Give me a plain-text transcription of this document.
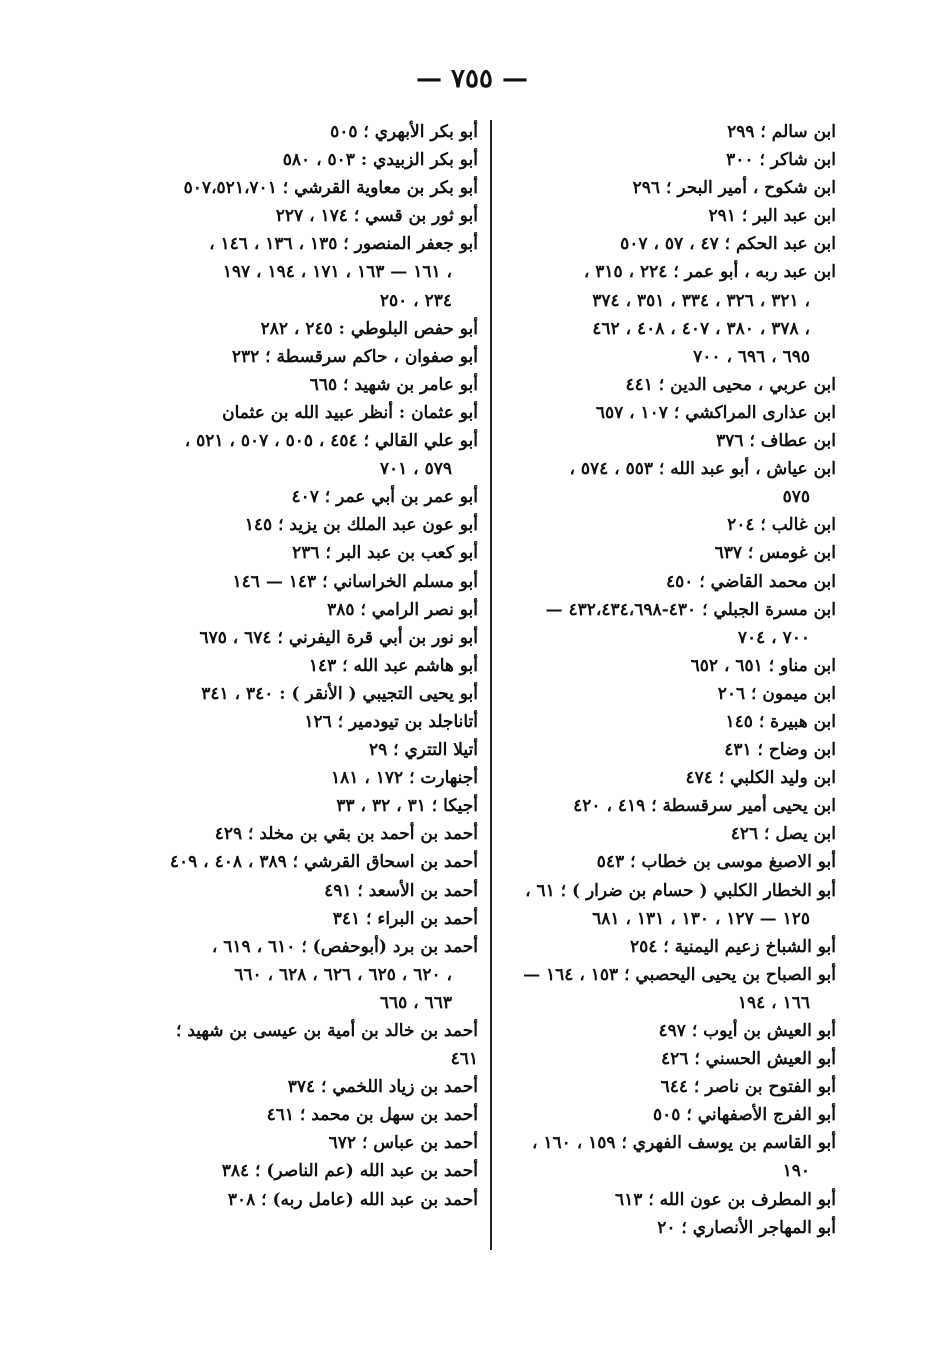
— ٧٥٥ —
ابن سالم ؛ ٢٩٩
ابن شاكر ؛ ٣٠٠
ابن شكوح ، أمير البحر ؛ ٢٩٦
ابن عبد البر ؛ ٢٩١
ابن عبد الحكم ؛ ٤٧ ، ٥٧ ، ٥٠٧
ابن عبد ربه ، أبو عمر ؛ ٢٢٤ ، ٣١٥ ،
٣٢١ ، ٣٢٦ ، ٣٣٤ ، ٣٥١ ، ٣٧٤ ،
٣٧٨ ، ٣٨٠ ، ٤٠٧ ، ٤٠٨ ، ٤٦٢ ،
٦٩٥ ، ٦٩٦ ، ٧٠٠
ابن عربي ، محيى الدين ؛ ٤٤١
ابن عذارى المراكشي ؛ ١٠٧ ، ٦٥٧
ابن عطاف ؛ ٣٧٦
ابن عياش ، أبو عبد الله ؛ ٥٥٣ ، ٥٧٤ ،
٥٧٥
ابن غالب ؛ ٢٠٤
ابن غومس ؛ ٦٣٧
ابن محمد القاضي ؛ ٤٥٠
ابن مسرة الجبلي ؛ ٤٣٠-٤٣٢،٤٣٤،٦٩٨ —
٧٠٠ ، ٧٠٤
ابن مناو ؛ ٦٥١ ، ٦٥٢
ابن ميمون ؛ ٢٠٦
ابن هبيرة ؛ ١٤٥
ابن وضاح ؛ ٤٣١
ابن وليد الكلبي ؛ ٤٧٤
ابن يحيى أمير سرقسطة ؛ ٤١٩ ، ٤٢٠
ابن يصل ؛ ٤٢٦
أبو الاصبغ موسى بن خطاب ؛ ٥٤٣
أبو الخطار الكلبي ( حسام بن ضرار ) ؛ ٦١ ،
١٢٥ — ١٢٧ ، ١٣٠ ، ١٣١ ، ٦٨١
أبو الشباخ زعيم اليمنية ؛ ٢٥٤
أبو الصباح بن يحيى اليحصبي ؛ ١٥٣ ، ١٦٤ —
١٦٦ ، ١٩٤
أبو العيش بن أيوب ؛ ٤٩٧
أبو العيش الحسني ؛ ٤٢٦
أبو الفتوح بن ناصر ؛ ٦٤٤
أبو الفرج الأصفهاني ؛ ٥٠٥
أبو القاسم بن يوسف الفهري ؛ ١٥٩ ، ١٦٠ ،
١٩٠
أبو المطرف بن عون الله ؛ ٦١٣
أبو المهاجر الأنصاري ؛ ٢٠
أبو بكر الأبهري ؛ ٥٠٥
أبو بكر الزبيدي : ٥٠٣ ، ٥٨٠
أبو بكر بن معاوية القرشي ؛ ٥٠٧،٥٢١،٧٠١
أبو ثور بن قسي ؛ ١٧٤ ، ٢٢٧
أبو جعفر المنصور ؛ ١٣٥ ، ١٣٦ ، ١٤٦ ،
١٦١ — ١٦٣ ، ١٧١ ، ١٩٤ ، ١٩٧ ،
٢٣٤ ، ٢٥٠
أبو حفص البلوطي : ٢٤٥ ، ٢٨٢
أبو صفوان ، حاكم سرقسطة ؛ ٢٣٢
أبو عامر بن شهيد ؛ ٦٦٥
أبو عثمان : أنظر عبيد الله بن عثمان
أبو علي القالي ؛ ٤٥٤ ، ٥٠٥ ، ٥٠٧ ، ٥٢١ ،
٥٧٩ ، ٧٠١
أبو عمر بن أبي عمر ؛ ٤٠٧
أبو عون عبد الملك بن يزيد ؛ ١٤٥
أبو كعب بن عبد البر ؛ ٢٣٦
أبو مسلم الخراساني ؛ ١٤٣ — ١٤٦
أبو نصر الرامي ؛ ٣٨٥
أبو نور بن أبي قرة اليفرني ؛ ٦٧٤ ، ٦٧٥
أبو هاشم عبد الله ؛ ١٤٣
أبو يحيى التجيبي ( الأنقر ) : ٣٤٠ ، ٣٤١
أتاناجلد بن تيودمير ؛ ١٢٦
أتيلا التتري ؛ ٢٩
أجنهارت ؛ ١٧٢ ، ١٨١
أجيكا ؛ ٣١ ، ٣٢ ، ٣٣
أحمد بن أحمد بن بقي بن مخلد ؛ ٤٢٩
أحمد بن اسحاق القرشي ؛ ٣٨٩ ، ٤٠٨ ، ٤٠٩
أحمد بن الأسعد ؛ ٤٩١
أحمد بن البراء ؛ ٣٤١
أحمد بن برد (أبوحفص) ؛ ٦١٠ ، ٦١٩ ،
٦٢٠ ، ٦٢٥ ، ٦٢٦ ، ٦٢٨ ، ٦٦٠ ،
٦٦٣ ، ٦٦٥
أحمد بن خالد بن أمية بن عيسى بن شهيد ؛ ٤٦١
أحمد بن زياد اللخمي ؛ ٣٧٤
أحمد بن سهل بن محمد ؛ ٤٦١
أحمد بن عباس ؛ ٦٧٢
أحمد بن عبد الله (عم الناصر) ؛ ٣٨٤
أحمد بن عبد الله (عامل ربه) ؛ ٣٠٨
